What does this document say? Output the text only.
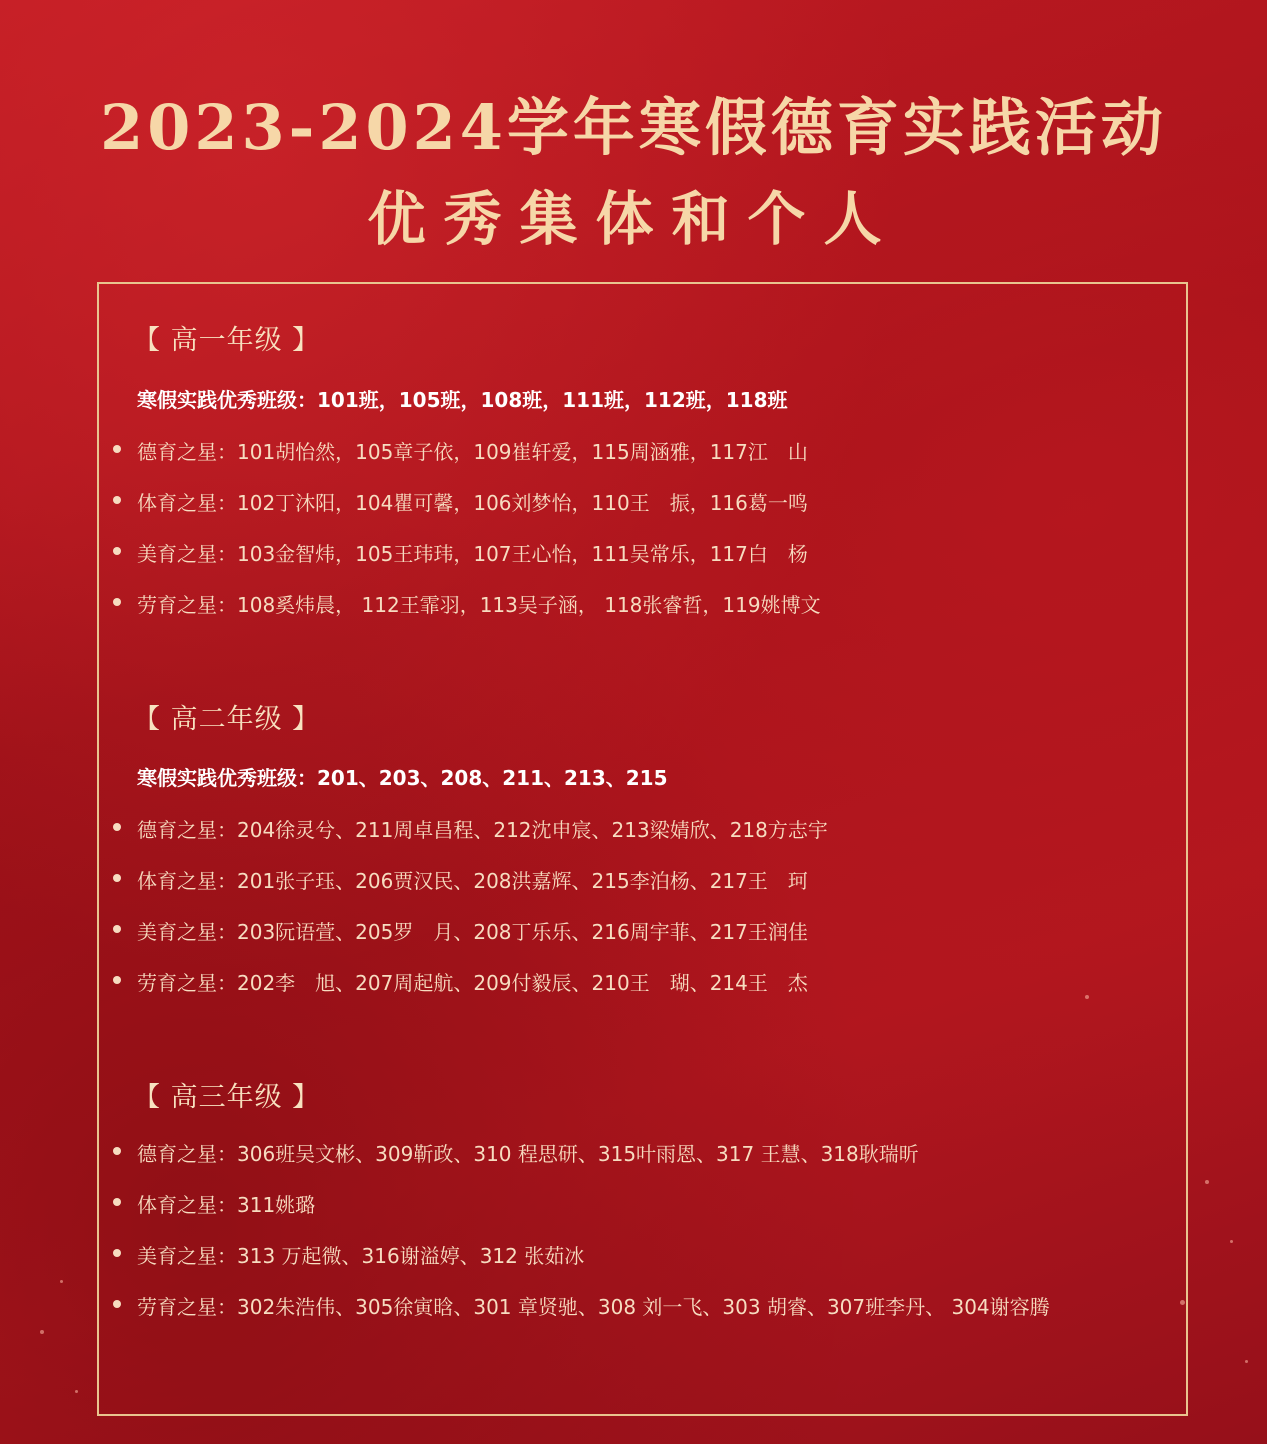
2023-2024学年寒假德育实践活动
优秀集体和个人
【 高一年级 】
寒假实践优秀班级：101班，105班，108班，111班，112班，118班
德育之星：101胡怡然，105章子依，109崔轩爱，115周涵雅，117江　山
体育之星：102丁沐阳，104瞿可馨，106刘梦怡，110王　振，116葛一鸣
美育之星：103金智炜，105王玮玮，107王心怡，111吴常乐，117白　杨
劳育之星：108奚炜晨， 112王霏羽，113吴子涵， 118张睿哲，119姚博文
【 高二年级 】
寒假实践优秀班级：201、203、208、211、213、215
德育之星：204徐灵兮、211周卓昌程、212沈申宸、213梁婧欣、218方志宇
体育之星：201张子珏、206贾汉民、208洪嘉辉、215李泊杨、217王　珂
美育之星：203阮语萱、205罗　月、208丁乐乐、216周宇菲、217王润佳
劳育之星：202李　旭、207周起航、209付毅辰、210王　瑚、214王　杰
【 高三年级 】
德育之星：306班吴文彬、309靳政、310 程思研、315叶雨恩、317 王慧、318耿瑞昕
体育之星：311姚璐
美育之星：313 万起微、316谢溢婷、312 张茹冰
劳育之星：302朱浩伟、305徐寅晗、301 章贤驰、308 刘一飞、303 胡睿、307班李丹、 304谢容腾
